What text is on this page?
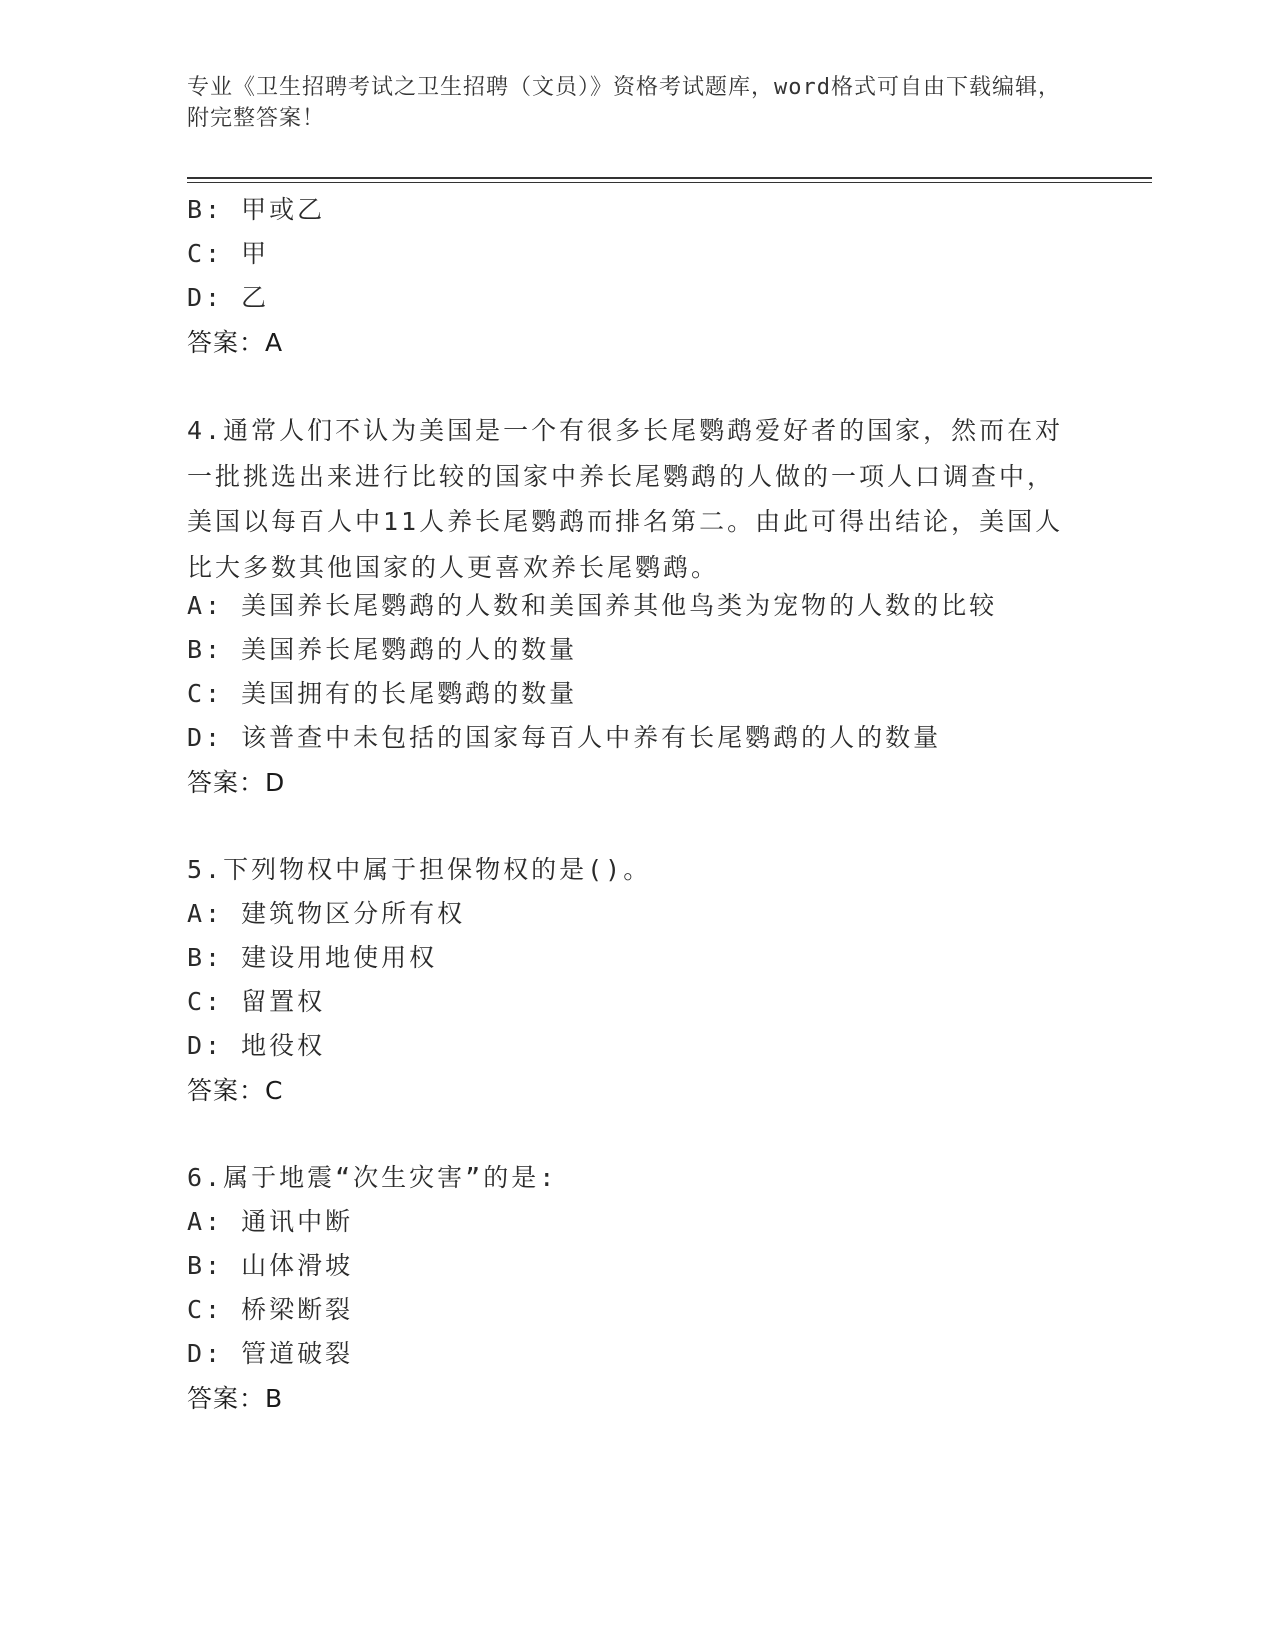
专业《卫生招聘考试之卫生招聘（文员）》资格考试题库，word格式可自由下载编辑，附完整答案！
B: 甲或乙
C: 甲
D: 乙
答案：A
4.通常人们不认为美国是一个有很多长尾鹦鹉爱好者的国家，然而在对一批挑选出来进行比较的国家中养长尾鹦鹉的人做的一项人口调查中，美国以每百人中11人养长尾鹦鹉而排名第二。由此可得出结论，美国人比大多数其他国家的人更喜欢养长尾鹦鹉。
A: 美国养长尾鹦鹉的人数和美国养其他鸟类为宠物的人数的比较
B: 美国养长尾鹦鹉的人的数量
C: 美国拥有的长尾鹦鹉的数量
D: 该普查中未包括的国家每百人中养有长尾鹦鹉的人的数量
答案：D
5.下列物权中属于担保物权的是()。
A: 建筑物区分所有权
B: 建设用地使用权
C: 留置权
D: 地役权
答案：C
6.属于地震“次生灾害”的是:
A: 通讯中断
B: 山体滑坡
C: 桥梁断裂
D: 管道破裂
答案：B
